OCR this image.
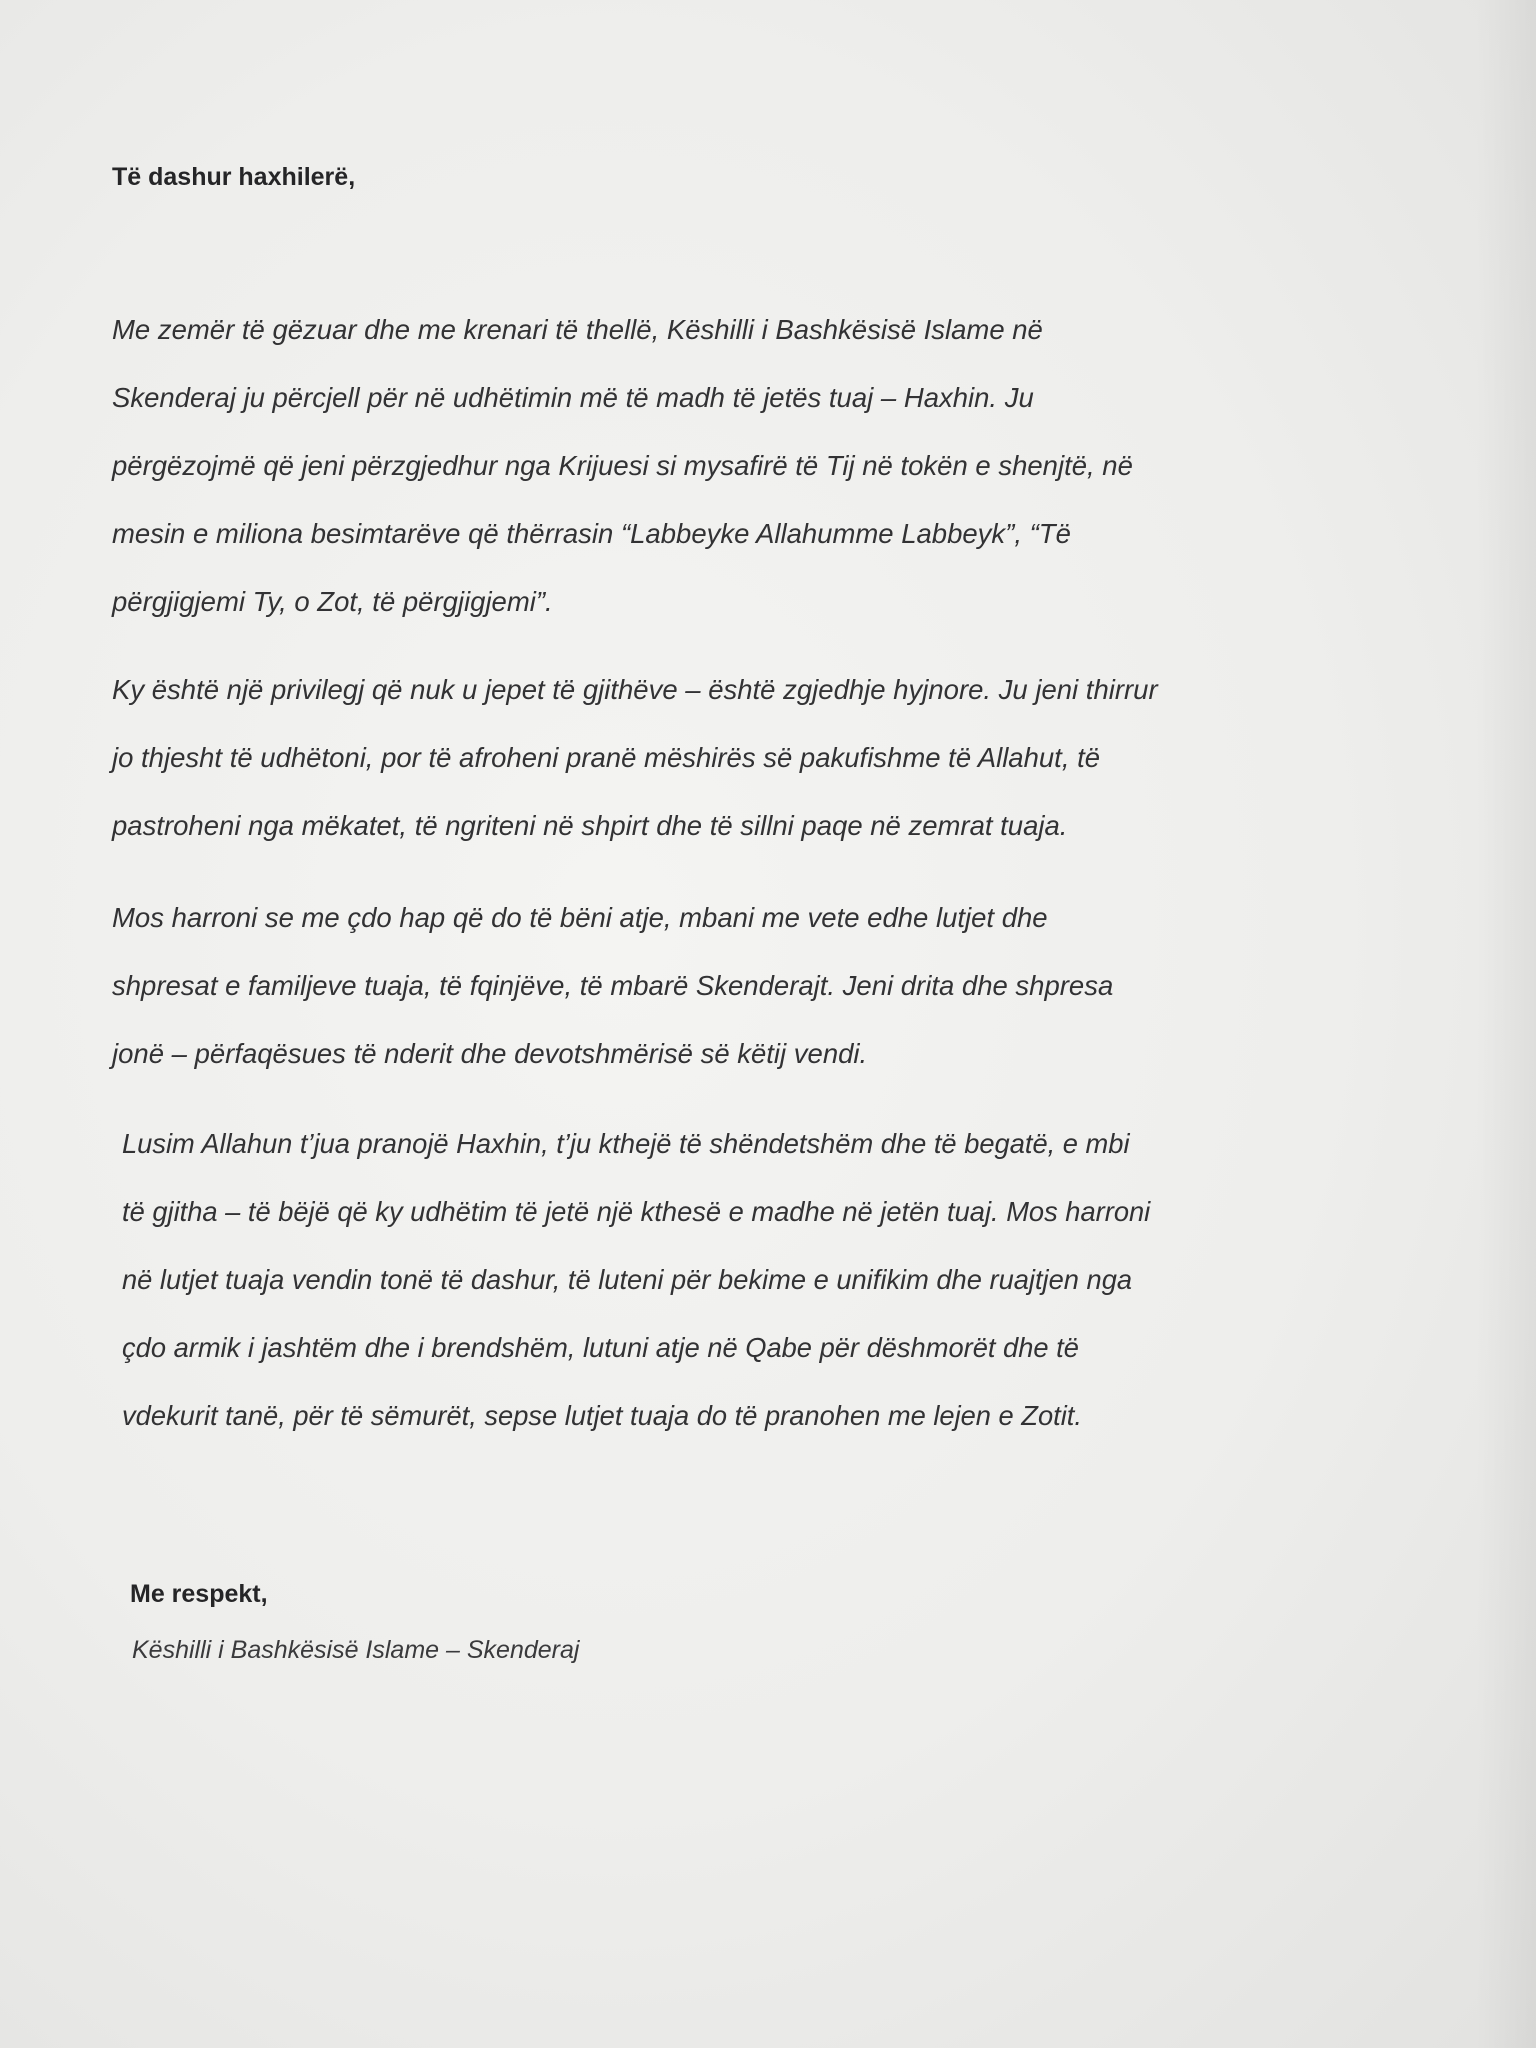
Të dashur haxhilerë,

Me zemër të gëzuar dhe me krenari të thellë, Këshilli i Bashkësisë Islame në
Skenderaj ju përcjell për në udhëtimin më të madh të jetës tuaj – Haxhin. Ju
përgëzojmë që jeni përzgjedhur nga Krijuesi si mysafirë të Tij në tokën e shenjtë, në
mesin e miliona besimtarëve që thërrasin “Labbeyke Allahumme Labbeyk”, “Të
përgjigjemi Ty, o Zot, të përgjigjemi”.

Ky është një privilegj që nuk u jepet të gjithëve – është zgjedhje hyjnore. Ju jeni thirrur
jo thjesht të udhëtoni, por të afroheni pranë mëshirës së pakufishme të Allahut, të
pastroheni nga mëkatet, të ngriteni në shpirt dhe të sillni paqe në zemrat tuaja.

Mos harroni se me çdo hap që do të bëni atje, mbani me vete edhe lutjet dhe
shpresat e familjeve tuaja, të fqinjëve, të mbarë Skenderajt. Jeni drita dhe shpresa
jonë – përfaqësues të nderit dhe devotshmërisë së këtij vendi.

Lusim Allahun t’jua pranojë Haxhin, t’ju kthejë të shëndetshëm dhe të begatë, e mbi
të gjitha – të bëjë që ky udhëtim të jetë një kthesë e madhe në jetën tuaj. Mos harroni
në lutjet tuaja vendin tonë të dashur, të luteni për bekime e unifikim dhe ruajtjen nga
çdo armik i jashtëm dhe i brendshëm, lutuni atje në Qabe për dëshmorët dhe të
vdekurit tanë, për të sëmurët, sepse lutjet tuaja do të pranohen me lejen e Zotit.

Me respekt,

Këshilli i Bashkësisë Islame – Skenderaj
